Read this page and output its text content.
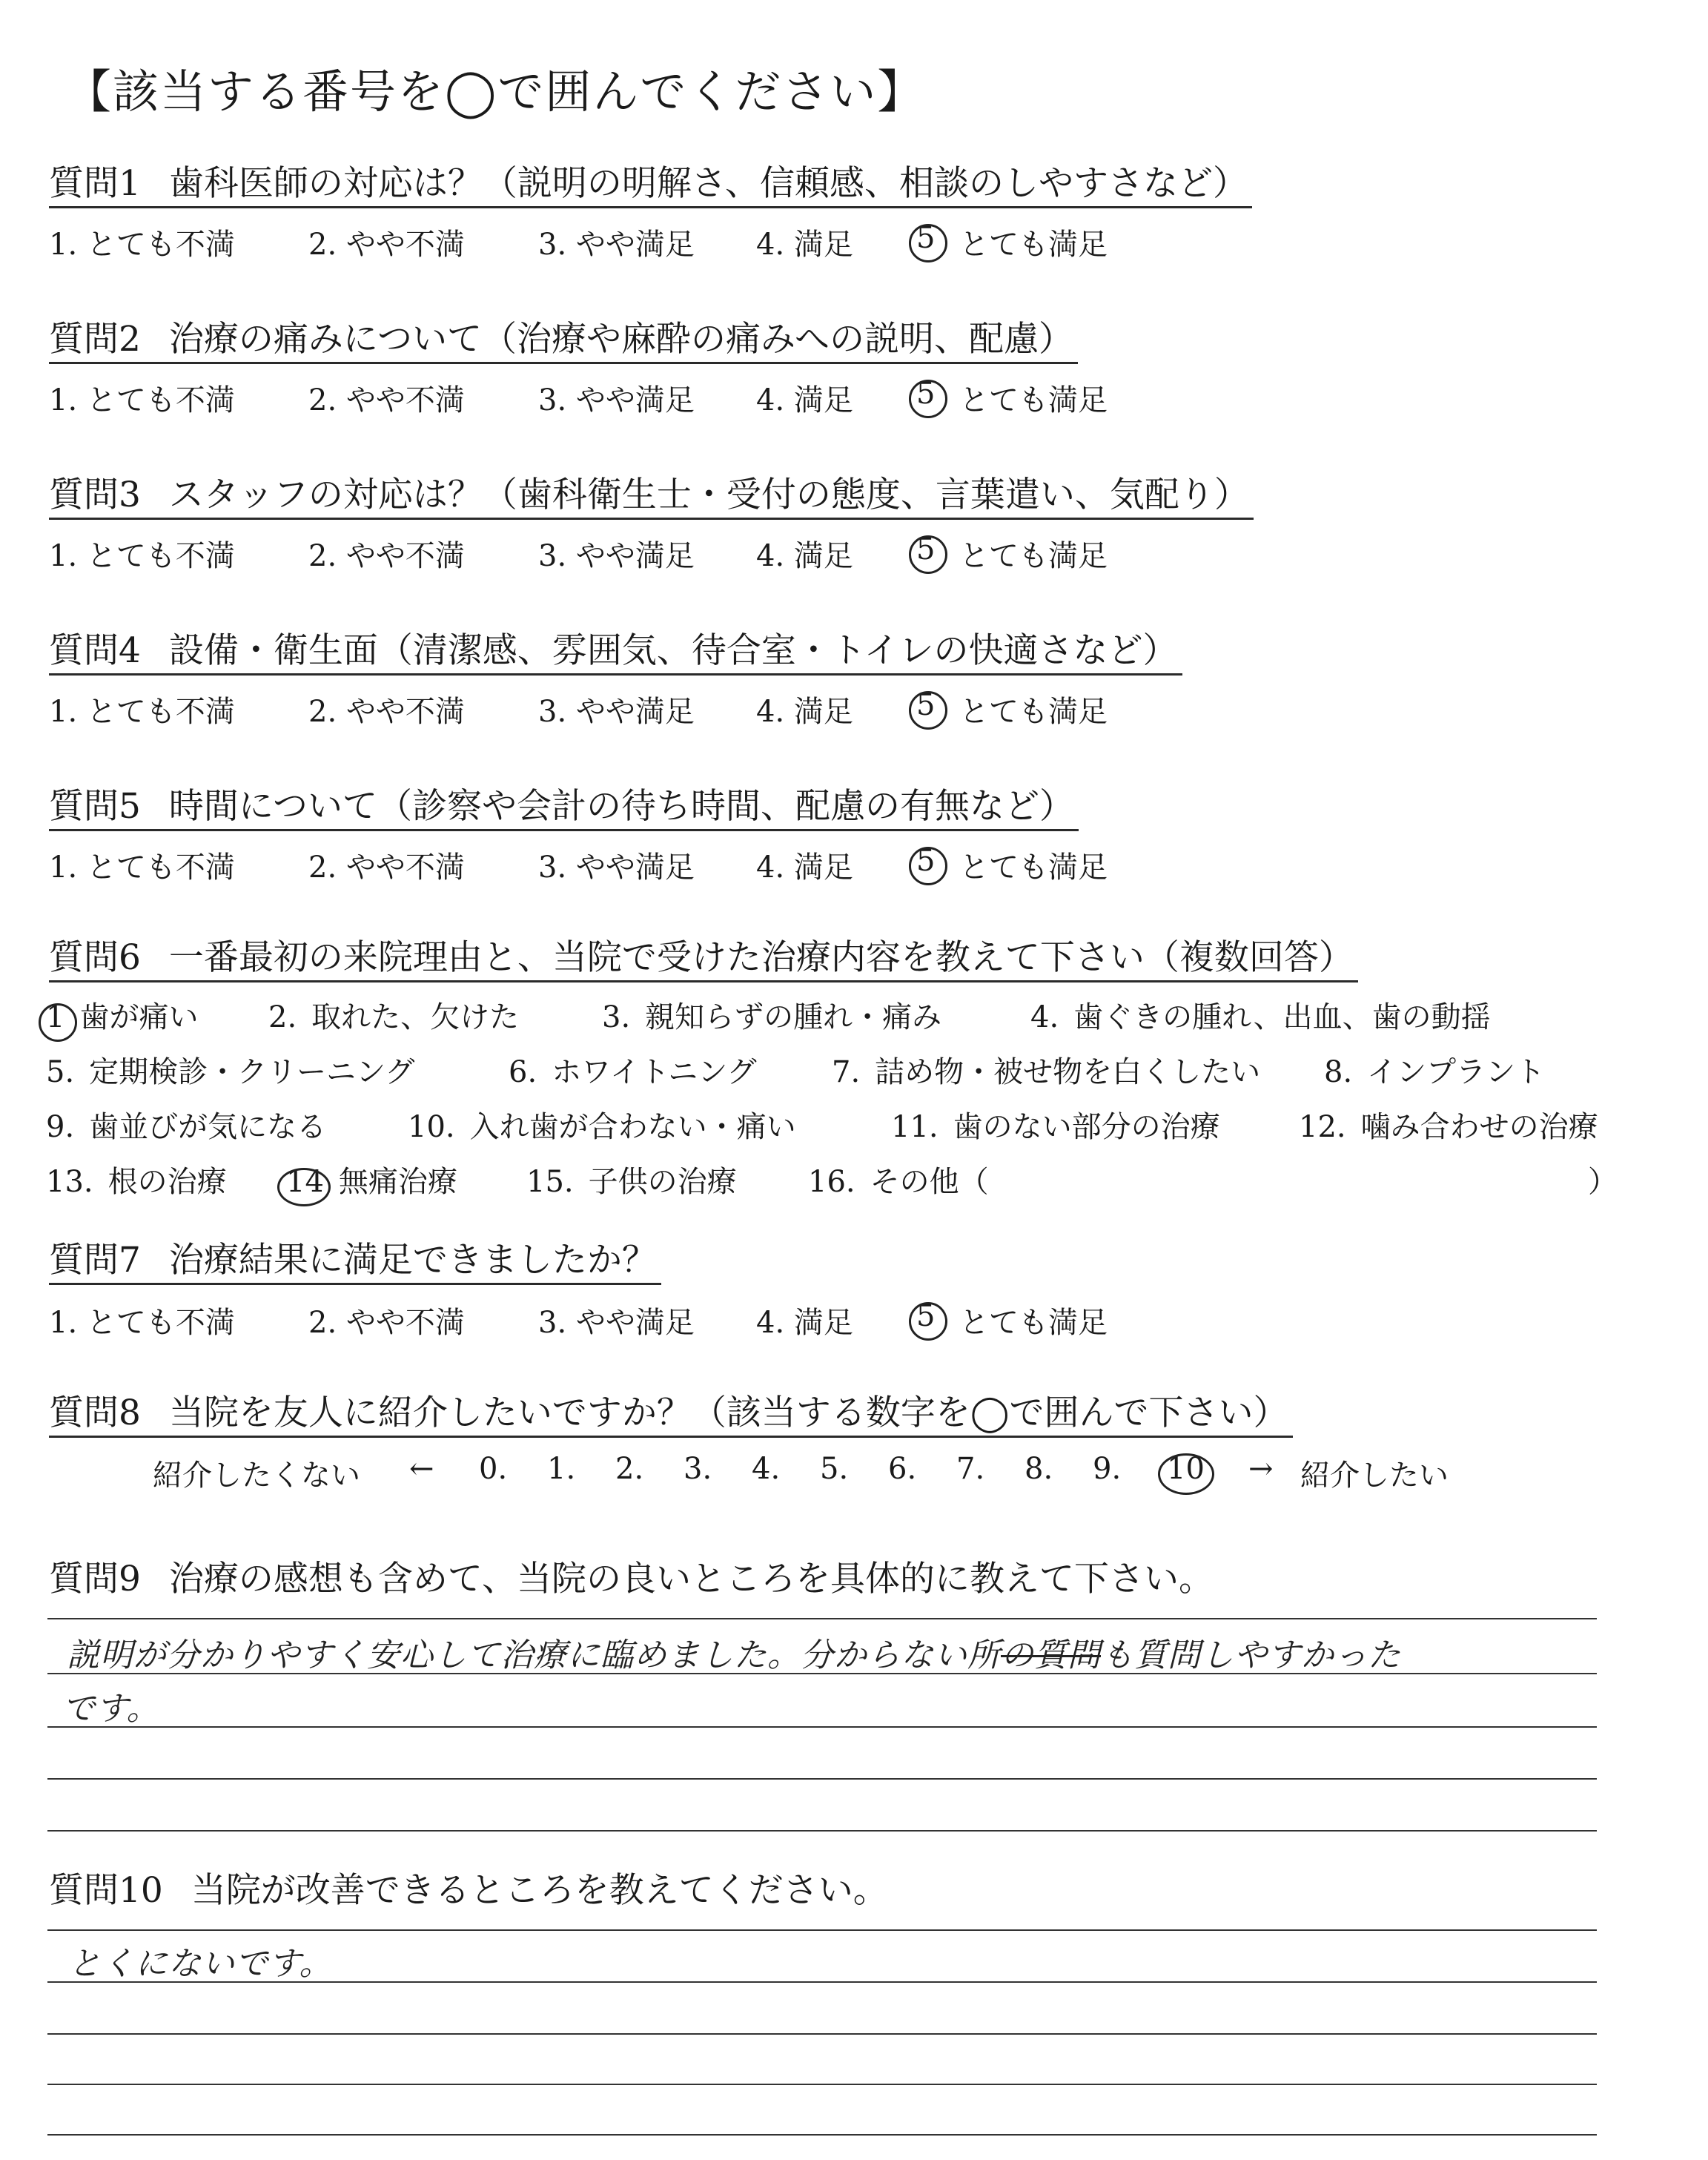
【該当する番号を◯で囲んでください】
質問1 歯科医師の対応は？（説明の明解さ、信頼感、相談のしやすさなど）
1. とても不満 2. やや不満 3. やや満足 4. 満足 5 とても満足
質問2 治療の痛みについて（治療や麻酔の痛みへの説明、配慮）
1. とても不満 2. やや不満 3. やや満足 4. 満足 5 とても満足
質問3 スタッフの対応は？（歯科衛生士・受付の態度、言葉遣い、気配り）
1. とても不満 2. やや不満 3. やや満足 4. 満足 5 とても満足
質問4 設備・衛生面（清潔感、雰囲気、待合室・トイレの快適さなど）
1. とても不満 2. やや不満 3. やや満足 4. 満足 5 とても満足
質問5 時間について（診察や会計の待ち時間、配慮の有無など）
1. とても不満 2. やや不満 3. やや満足 4. 満足 5 とても満足
質問6 一番最初の来院理由と、当院で受けた治療内容を教えて下さい（複数回答）
1 歯が痛い 2. 取れた、欠けた	3. 親知らずの腫れ・痛み	4. 歯ぐきの腫れ、出血、歯の動揺
5. 定期検診・クリーニング	6. ホワイトニング	7. 詰め物・被せ物を白くしたい 8. インプラント
9. 歯並びが気になる	10. 入れ歯が合わない・痛い	11. 歯のない部分の治療	12. 噛み合わせの治療
13. 根の治療 14 無痛治療 15. 子供の治療 16. その他（	）
質問7 治療結果に満足できましたか？
1. とても不満 2. やや不満 3. やや満足 4. 満足 5 とても満足
質問8 当院を友人に紹介したいですか？（該当する数字を◯で囲んで下さい）
紹介したくない ← 0. 1. 2. 3. 4. 5. 6. 7. 8. 9. 10 → 紹介したい
質問9 治療の感想も含めて、当院の良いところを具体的に教えて下さい。
説明が分かりやすく安心して治療に臨めました。分からない所の質問も質問しやすかった
です。
質問10 当院が改善できるところを教えてください。
とくにないです。
